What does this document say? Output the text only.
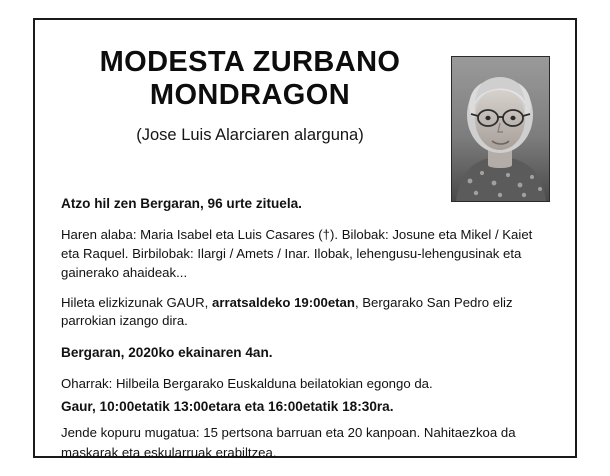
MODESTA ZURBANO MONDRAGON
(Jose Luis Alarciaren alarguna)

Atzo hil zen Bergaran, 96 urte zituela.

Haren alaba: Maria Isabel eta Luis Casares (†). Bilobak: Josune eta Mikel / Kaiet eta Raquel. Birbilobak: Ilargi / Amets / Inar. Ilobak, lehengusu-lehengusinak eta gainerako ahaideak...

Hileta elizkizunak GAUR, arratsaldeko 19:00etan, Bergarako San Pedro eliz parrokian izango dira.

Bergaran, 2020ko ekainaren 4an.

Oharrak: Hilbeila Bergarako Euskalduna beilatokian egongo da.

Gaur, 10:00etatik 13:00etara eta 16:00etatik 18:30ra.

Jende kopuru mugatua: 15 pertsona barruan eta 20 kanpoan. Nahitaezkoa da maskarak eta eskularruak erabiltzea.
